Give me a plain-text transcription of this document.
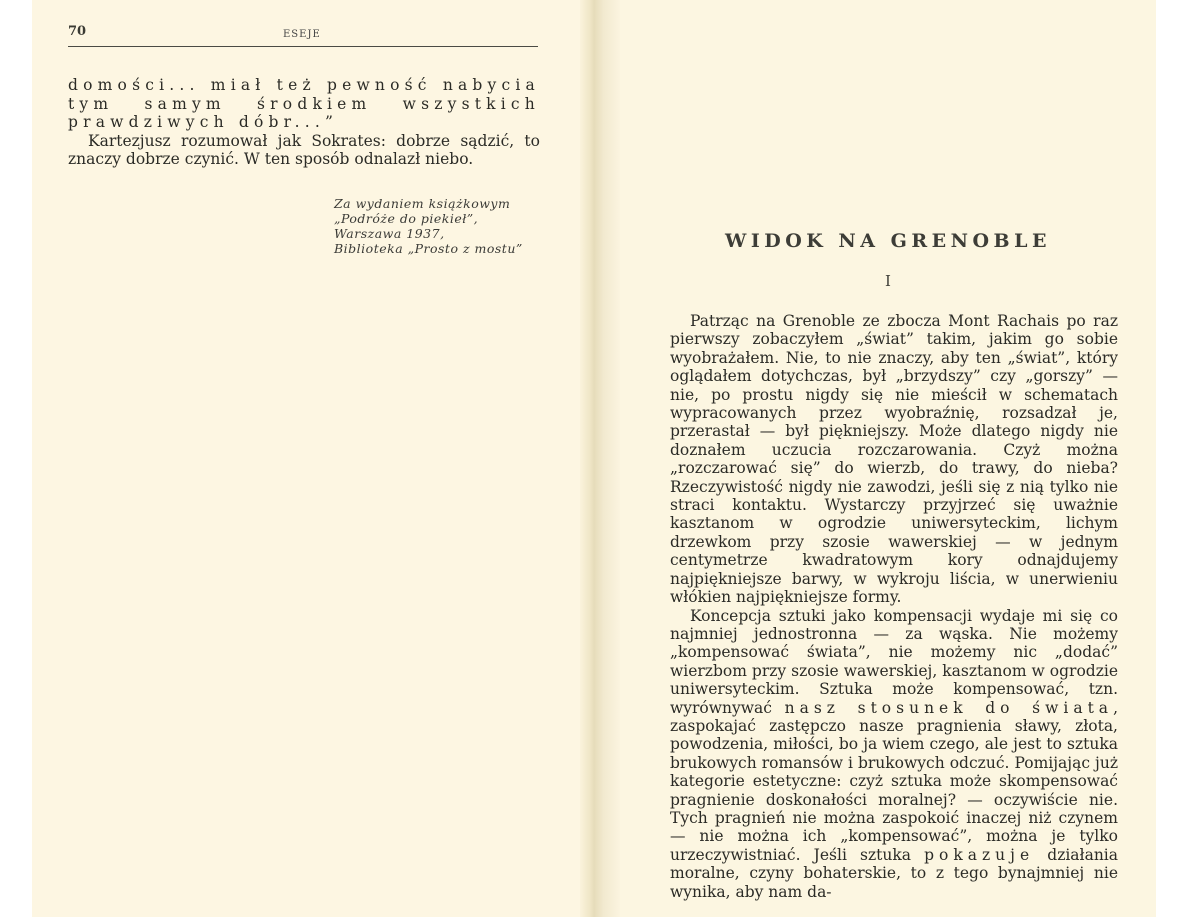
70	ESEJE

domości... miał też pewność nabycia tym samym środkiem wszystkich prawdziwych dóbr...”

Kartezjusz rozumował jak Sokrates: dobrze sądzić, to znaczy dobrze czynić. W ten sposób odnalazł niebo.

Za wydaniem książkowym
„Podróże do piekieł”,
Warszawa 1937,
Biblioteka „Prosto z mostu”	WIDOK NA GRENOBLE
I

Patrząc na Grenoble ze zbocza Mont Rachais po raz pierwszy zobaczyłem „świat” takim, jakim go sobie wyobrażałem. Nie, to nie znaczy, aby ten „świat”, który oglądałem dotychczas, był „brzydszy” czy „gorszy” — nie, po prostu nigdy się nie mieścił w schematach wypracowanych przez wyobraźnię, rozsadzał je, przerastał — był piękniejszy. Może dlatego nigdy nie doznałem uczucia rozczarowania. Czyż można „rozczarować się” do wierzb, do trawy, do nieba? Rzeczywistość nigdy nie zawodzi, jeśli się z nią tylko nie straci kontaktu. Wystarczy przyjrzeć się uważnie kasztanom w ogrodzie uniwersyteckim, lichym drzewkom przy szosie wawerskiej — w jednym centymetrze kwadratowym kory odnajdujemy najpiękniejsze barwy, w wykroju liścia, w unerwieniu włókien najpiękniejsze formy.

Koncepcja sztuki jako kompensacji wydaje mi się co najmniej jednostronna — za wąska. Nie możemy „kompensować świata”, nie możemy nic „dodać” wierzbom przy szosie wawerskiej, kasztanom w ogrodzie uniwersyteckim. Sztuka może kompensować, tzn. wyrównywać nasz stosunek do świata, zaspokajać zastępczo nasze pragnienia sławy, złota, powodzenia, miłości, bo ja wiem czego, ale jest to sztuka brukowych romansów i brukowych odczuć. Pomijając już kategorie estetyczne: czyż sztuka może skompensować pragnienie doskonałości moralnej? — oczywiście nie. Tych pragnień nie można zaspokoić inaczej niż czynem — nie można ich „kompensować”, można je tylko urzeczywistniać. Jeśli sztuka pokazuje działania moralne, czyny bohaterskie, to z tego bynajmniej nie wynika, aby nam da-
